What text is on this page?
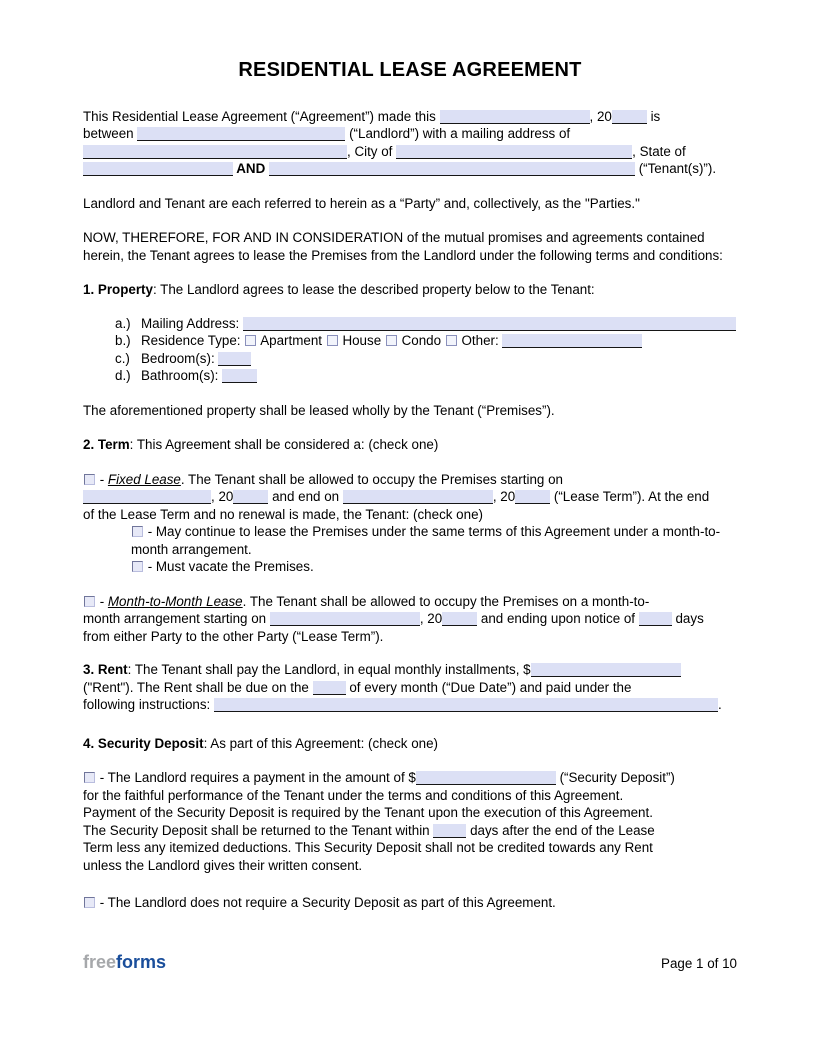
RESIDENTIAL LEASE AGREEMENT
This Residential Lease Agreement (“Agreement”) made this	, 20	is
between	(“Landlord”) with a mailing address of
, City of	, State of
AND	(“Tenant(s)”).
Landlord and Tenant are each referred to herein as a “Party” and, collectively, as the "Parties."
NOW, THEREFORE, FOR AND IN CONSIDERATION of the mutual promises and agreements contained herein, the Tenant agrees to lease the Premises from the Landlord under the following terms and conditions:
1. Property: The Landlord agrees to lease the described property below to the Tenant:
a.) Mailing Address:
b.) Residence Type:  Apartment  House  Condo  Other:
c.) Bedroom(s):
d.) Bathroom(s):
The aforementioned property shall be leased wholly by the Tenant (“Premises”).
2. Term: This Agreement shall be considered a: (check one)
- Fixed Lease. The Tenant shall be allowed to occupy the Premises starting on
, 20	and end on	, 20	(“Lease Term”). At the end
of the Lease Term and no renewal is made, the Tenant: (check one)
- May continue to lease the Premises under the same terms of this Agreement under a month-to-month arrangement.
- Must vacate the Premises.
- Month-to-Month Lease. The Tenant shall be allowed to occupy the Premises on a month-to-
month arrangement starting on	, 20	and ending upon notice of  days
from either Party to the other Party (“Lease Term”).
3. Rent: The Tenant shall pay the Landlord, in equal monthly installments, $
("Rent"). The Rent shall be due on the  of every month (“Due Date”) and paid under the
following instructions:	.
4. Security Deposit: As part of this Agreement: (check one)
- The Landlord requires a payment in the amount of $	(“Security Deposit”)
for the faithful performance of the Tenant under the terms and conditions of this Agreement.
Payment of the Security Deposit is required by the Tenant upon the execution of this Agreement.
The Security Deposit shall be returned to the Tenant within  days after the end of the Lease
Term less any itemized deductions. This Security Deposit shall not be credited towards any Rent
unless the Landlord gives their written consent.
- The Landlord does not require a Security Deposit as part of this Agreement.
freeforms	Page 1 of 10
